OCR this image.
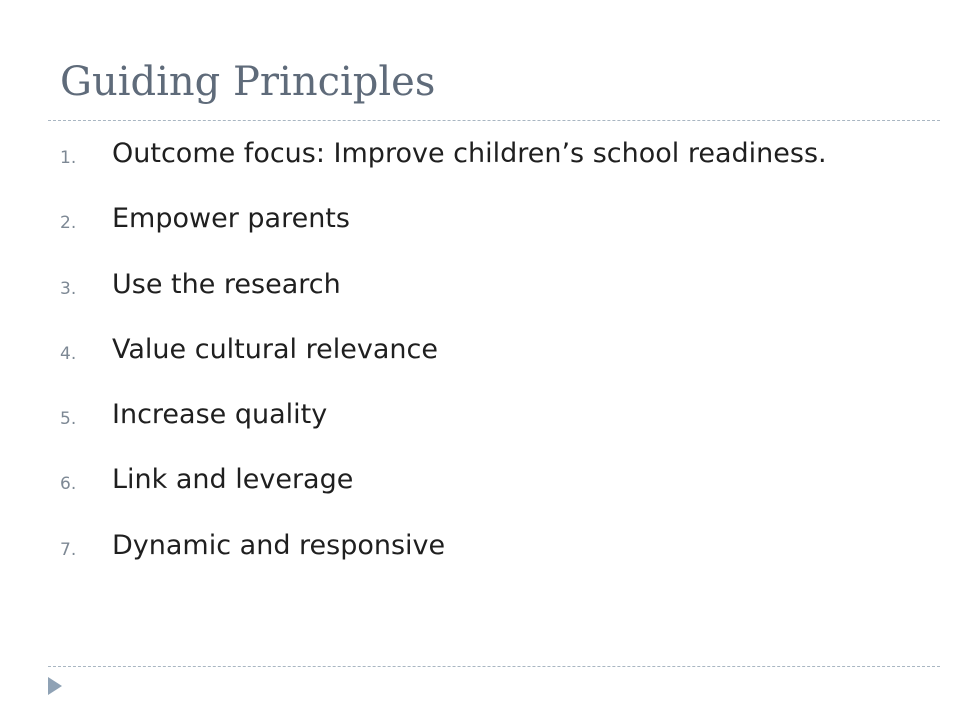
Guiding Principles
1.	Outcome focus: Improve children’s school readiness.
2.	Empower parents
3.	Use the research
4.	Value cultural relevance
5.	Increase quality
6.	Link and leverage
7.	Dynamic and responsive
